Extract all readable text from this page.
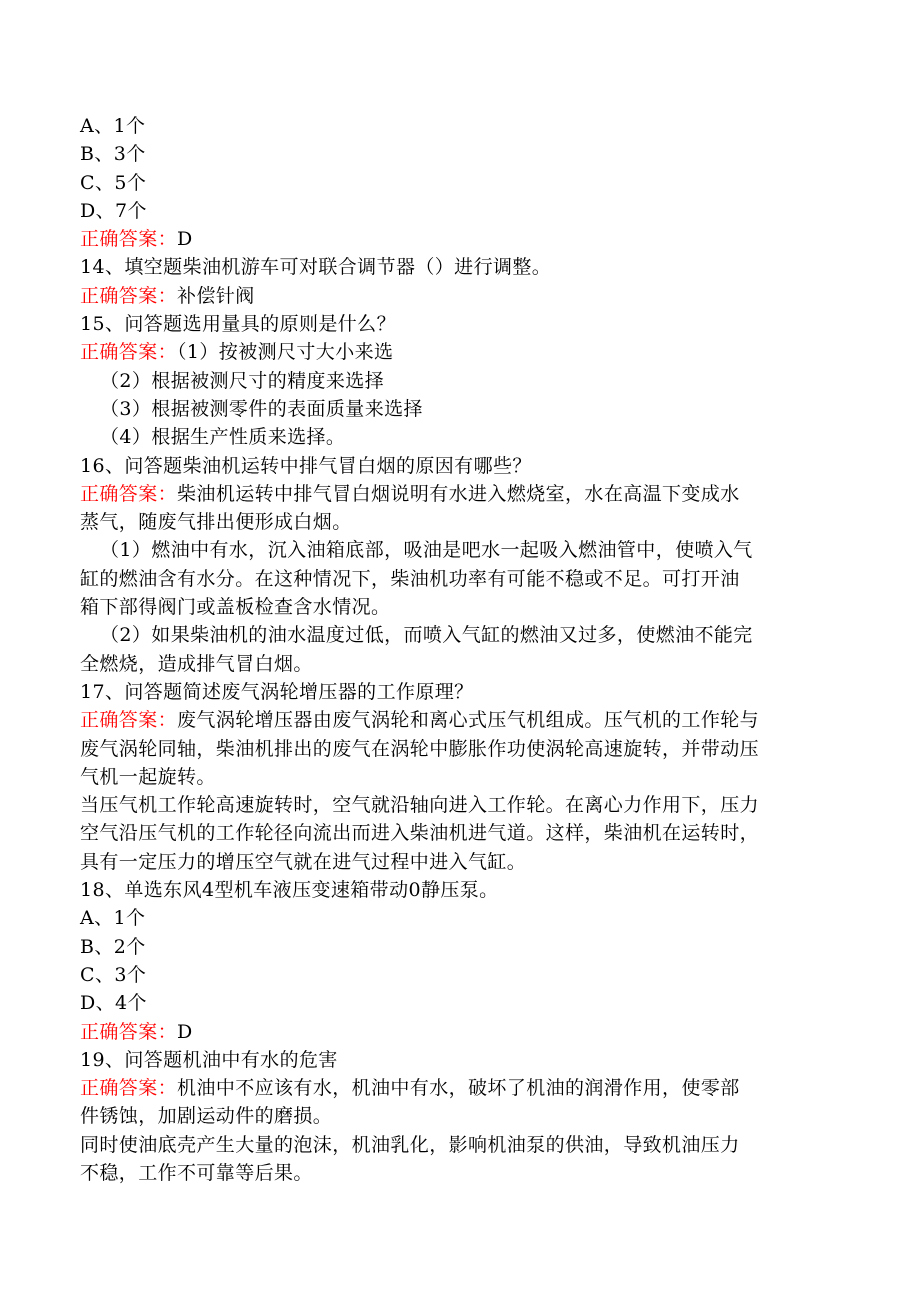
A、1个
B、3个
C、5个
D、7个
正确答案：D
14、填空题柴油机游车可对联合调节器（）进行调整。
正确答案：补偿针阀
15、问答题选用量具的原则是什么？
正确答案：（1）按被测尺寸大小来选
（2）根据被测尺寸的精度来选择
（3）根据被测零件的表面质量来选择
（4）根据生产性质来选择。
16、问答题柴油机运转中排气冒白烟的原因有哪些？
正确答案：柴油机运转中排气冒白烟说明有水进入燃烧室，水在高温下变成水
蒸气，随废气排出便形成白烟。
（1）燃油中有水，沉入油箱底部，吸油是吧水一起吸入燃油管中，使喷入气
缸的燃油含有水分。在这种情况下，柴油机功率有可能不稳或不足。可打开油
箱下部得阀门或盖板检查含水情况。
（2）如果柴油机的油水温度过低，而喷入气缸的燃油又过多，使燃油不能完
全燃烧，造成排气冒白烟。
17、问答题简述废气涡轮增压器的工作原理？
正确答案：废气涡轮增压器由废气涡轮和离心式压气机组成。压气机的工作轮与
废气涡轮同轴，柴油机排出的废气在涡轮中膨胀作功使涡轮高速旋转，并带动压
气机一起旋转。
当压气机工作轮高速旋转时，空气就沿轴向进入工作轮。在离心力作用下，压力
空气沿压气机的工作轮径向流出而进入柴油机进气道。这样，柴油机在运转时，
具有一定压力的增压空气就在进气过程中进入气缸。
18、单选东风4型机车液压变速箱带动0静压泵。
A、1个
B、2个
C、3个
D、4个
正确答案：D
19、问答题机油中有水的危害
正确答案：机油中不应该有水，机油中有水，破坏了机油的润滑作用，使零部
件锈蚀，加剧运动件的磨损。
同时使油底壳产生大量的泡沫，机油乳化，影响机油泵的供油，导致机油压力
不稳，工作不可靠等后果。
